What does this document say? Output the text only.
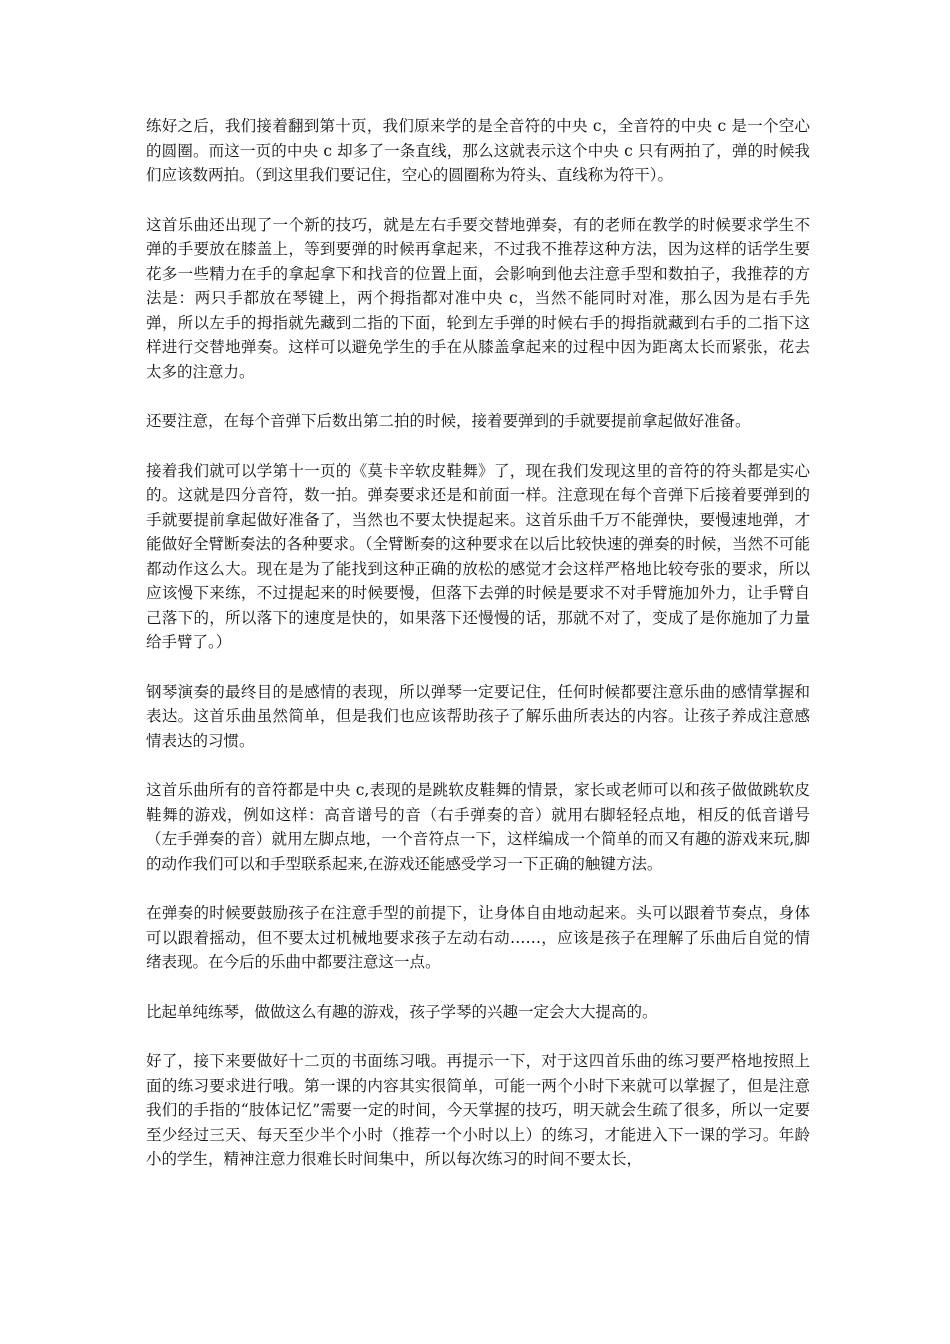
练好之后，我们接着翻到第十页，我们原来学的是全音符的中央 c，全音符的中央 c 是一个空心的圆圈。而这一页的中央 c 却多了一条直线，那么这就表示这个中央 c 只有两拍了，弹的时候我们应该数两拍。（到这里我们要记住，空心的圆圈称为符头、直线称为符干）。

这首乐曲还出现了一个新的技巧，就是左右手要交替地弹奏，有的老师在教学的时候要求学生不弹的手要放在膝盖上，等到要弹的时候再拿起来，不过我不推荐这种方法，因为这样的话学生要花多一些精力在手的拿起拿下和找音的位置上面，会影响到他去注意手型和数拍子，我推荐的方法是：两只手都放在琴键上，两个拇指都对准中央 c，当然不能同时对准，那么因为是右手先弹，所以左手的拇指就先藏到二指的下面，轮到左手弹的时候右手的拇指就藏到右手的二指下这样进行交替地弹奏。这样可以避免学生的手在从膝盖拿起来的过程中因为距离太长而紧张，花去太多的注意力。

还要注意，在每个音弹下后数出第二拍的时候，接着要弹到的手就要提前拿起做好准备。

接着我们就可以学第十一页的《莫卡辛软皮鞋舞》了，现在我们发现这里的音符的符头都是实心的。这就是四分音符，数一拍。弹奏要求还是和前面一样。注意现在每个音弹下后接着要弹到的手就要提前拿起做好准备了，当然也不要太快提起来。这首乐曲千万不能弹快，要慢速地弹，才能做好全臂断奏法的各种要求。（全臂断奏的这种要求在以后比较快速的弹奏的时候，当然不可能都动作这么大。现在是为了能找到这种正确的放松的感觉才会这样严格地比较夸张的要求，所以应该慢下来练，不过提起来的时候要慢，但落下去弹的时候是要求不对手臂施加外力，让手臂自己落下的，所以落下的速度是快的，如果落下还慢慢的话，那就不对了，变成了是你施加了力量给手臂了。）

钢琴演奏的最终目的是感情的表现，所以弹琴一定要记住，任何时候都要注意乐曲的感情掌握和表达。这首乐曲虽然简单，但是我们也应该帮助孩子了解乐曲所表达的内容。让孩子养成注意感情表达的习惯。

这首乐曲所有的音符都是中央 c,表现的是跳软皮鞋舞的情景，家长或老师可以和孩子做做跳软皮鞋舞的游戏，例如这样：高音谱号的音（右手弹奏的音）就用右脚轻轻点地，相反的低音谱号（左手弹奏的音）就用左脚点地，一个音符点一下，这样编成一个简单的而又有趣的游戏来玩,脚的动作我们可以和手型联系起来,在游戏还能感受学习一下正确的触键方法。

在弹奏的时候要鼓励孩子在注意手型的前提下，让身体自由地动起来。头可以跟着节奏点，身体可以跟着摇动，但不要太过机械地要求孩子左动右动……，应该是孩子在理解了乐曲后自觉的情绪表现。在今后的乐曲中都要注意这一点。

比起单纯练琴，做做这么有趣的游戏，孩子学琴的兴趣一定会大大提高的。

好了，接下来要做好十二页的书面练习哦。再提示一下，对于这四首乐曲的练习要严格地按照上面的练习要求进行哦。第一课的内容其实很简单，可能一两个小时下来就可以掌握了，但是注意我们的手指的“肢体记忆”需要一定的时间，今天掌握的技巧，明天就会生疏了很多，所以一定要至少经过三天、每天至少半个小时（推荐一个小时以上）的练习，才能进入下一课的学习。年龄小的学生，精神注意力很难长时间集中，所以每次练习的时间不要太长，
